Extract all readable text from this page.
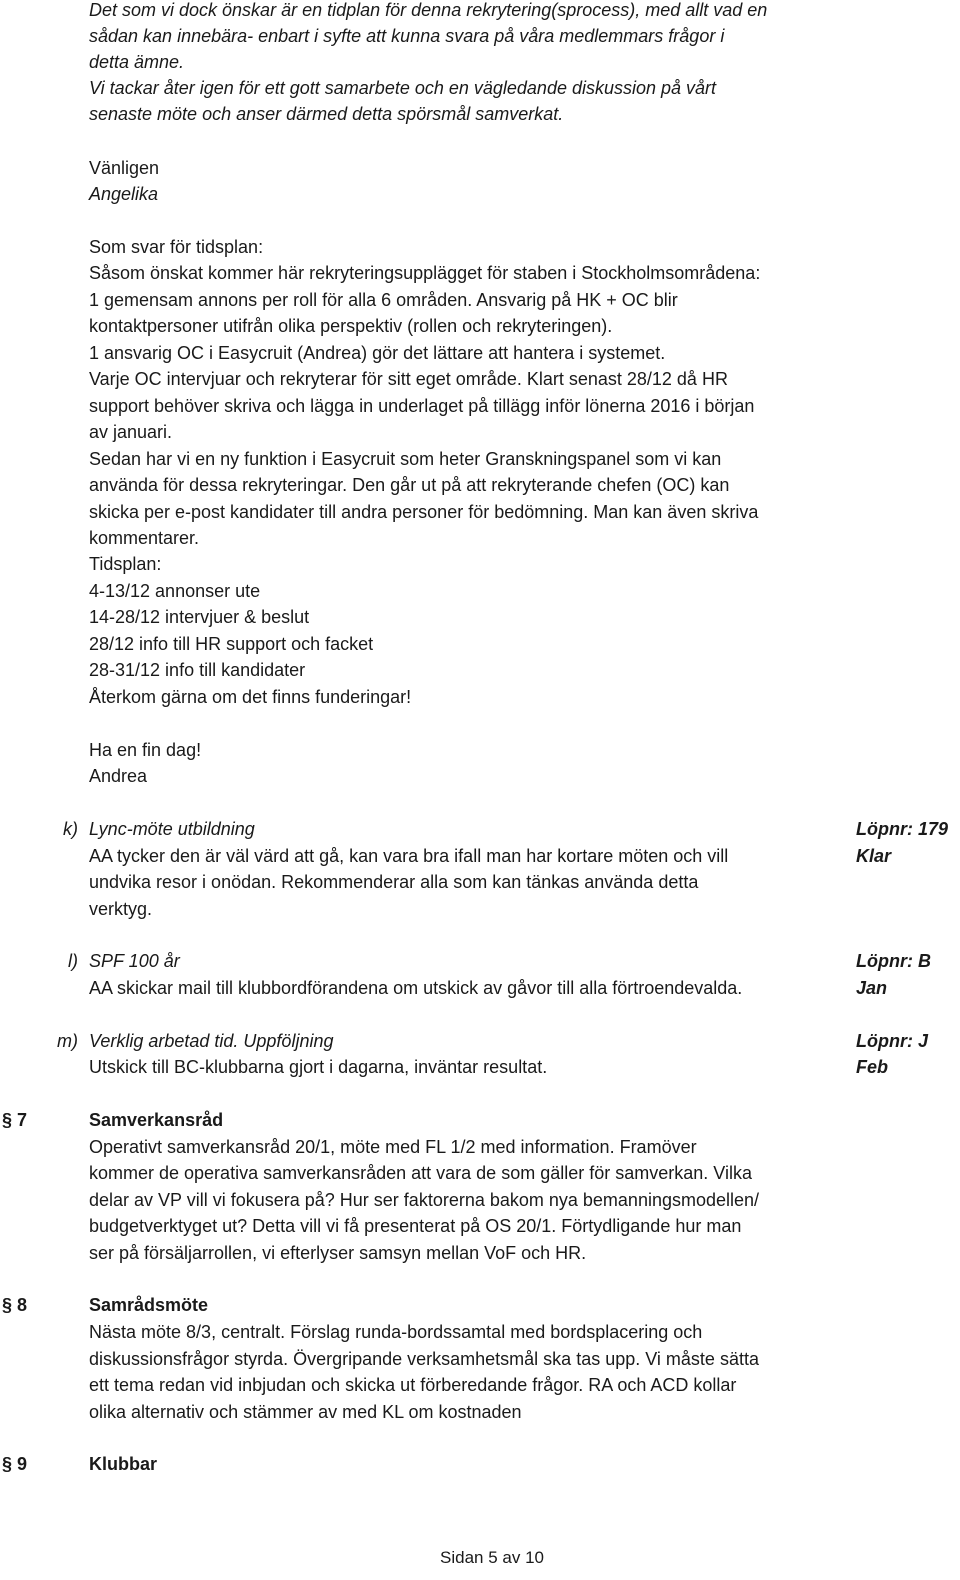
Det som vi dock önskar är en tidplan för denna rekrytering(sprocess), med allt vad en
sådan kan innebära- enbart i syfte att kunna svara på våra medlemmars frågor i
detta ämne.
Vi tackar åter igen för ett gott samarbete och en vägledande diskussion på vårt
senaste möte och anser därmed detta spörsmål samverkat.
Vänligen
Angelika
Som svar för tidsplan:
Såsom önskat kommer här rekryteringsupplägget för staben i Stockholmsområdena:
1 gemensam annons per roll för alla 6 områden. Ansvarig på HK + OC blir
kontaktpersoner utifrån olika perspektiv (rollen och rekryteringen).
1 ansvarig OC i Easycruit (Andrea) gör det lättare att hantera i systemet.
Varje OC intervjuar och rekryterar för sitt eget område. Klart senast 28/12 då HR
support behöver skriva och lägga in underlaget på tillägg inför lönerna 2016 i början
av januari.
Sedan har vi en ny funktion i Easycruit som heter Granskningspanel som vi kan
använda för dessa rekryteringar. Den går ut på att rekryterande chefen (OC) kan
skicka per e-post kandidater till andra personer för bedömning. Man kan även skriva
kommentarer.
Tidsplan:
4-13/12 annonser ute
14-28/12 intervjuer & beslut
28/12 info till HR support och facket
28-31/12 info till kandidater
Återkom gärna om det finns funderingar!
Ha en fin dag!
Andrea
k) Lync-möte utbildning
AA tycker den är väl värd att gå, kan vara bra ifall man har kortare möten och vill
undvika resor i onödan. Rekommenderar alla som kan tänkas använda detta
verktyg.
Löpnr: 179
Klar
l) SPF 100 år
AA skickar mail till klubbordförandena om utskick av gåvor till alla förtroendevalda.
Löpnr: B
Jan
m) Verklig arbetad tid. Uppföljning
Utskick till BC-klubbarna gjort i dagarna, inväntar resultat.
Löpnr: J
Feb
§ 7	Samverkansråd
Operativt samverkansråd 20/1, möte med FL 1/2 med information. Framöver
kommer de operativa samverkansråden att vara de som gäller för samverkan. Vilka
delar av VP vill vi fokusera på? Hur ser faktorerna bakom nya bemanningsmodellen/
budgetverktyget ut? Detta vill vi få presenterat på OS 20/1. Förtydligande hur man
ser på försäljarrollen, vi efterlyser samsyn mellan VoF och HR.
§ 8	Samrådsmöte
Nästa möte 8/3, centralt. Förslag runda-bordssamtal med bordsplacering och
diskussionsfrågor styrda. Övergripande verksamhetsmål ska tas upp. Vi måste sätta
ett tema redan vid inbjudan och skicka ut förberedande frågor. RA och ACD kollar
olika alternativ och stämmer av med KL om kostnaden
§ 9	Klubbar
Sidan 5 av 10
